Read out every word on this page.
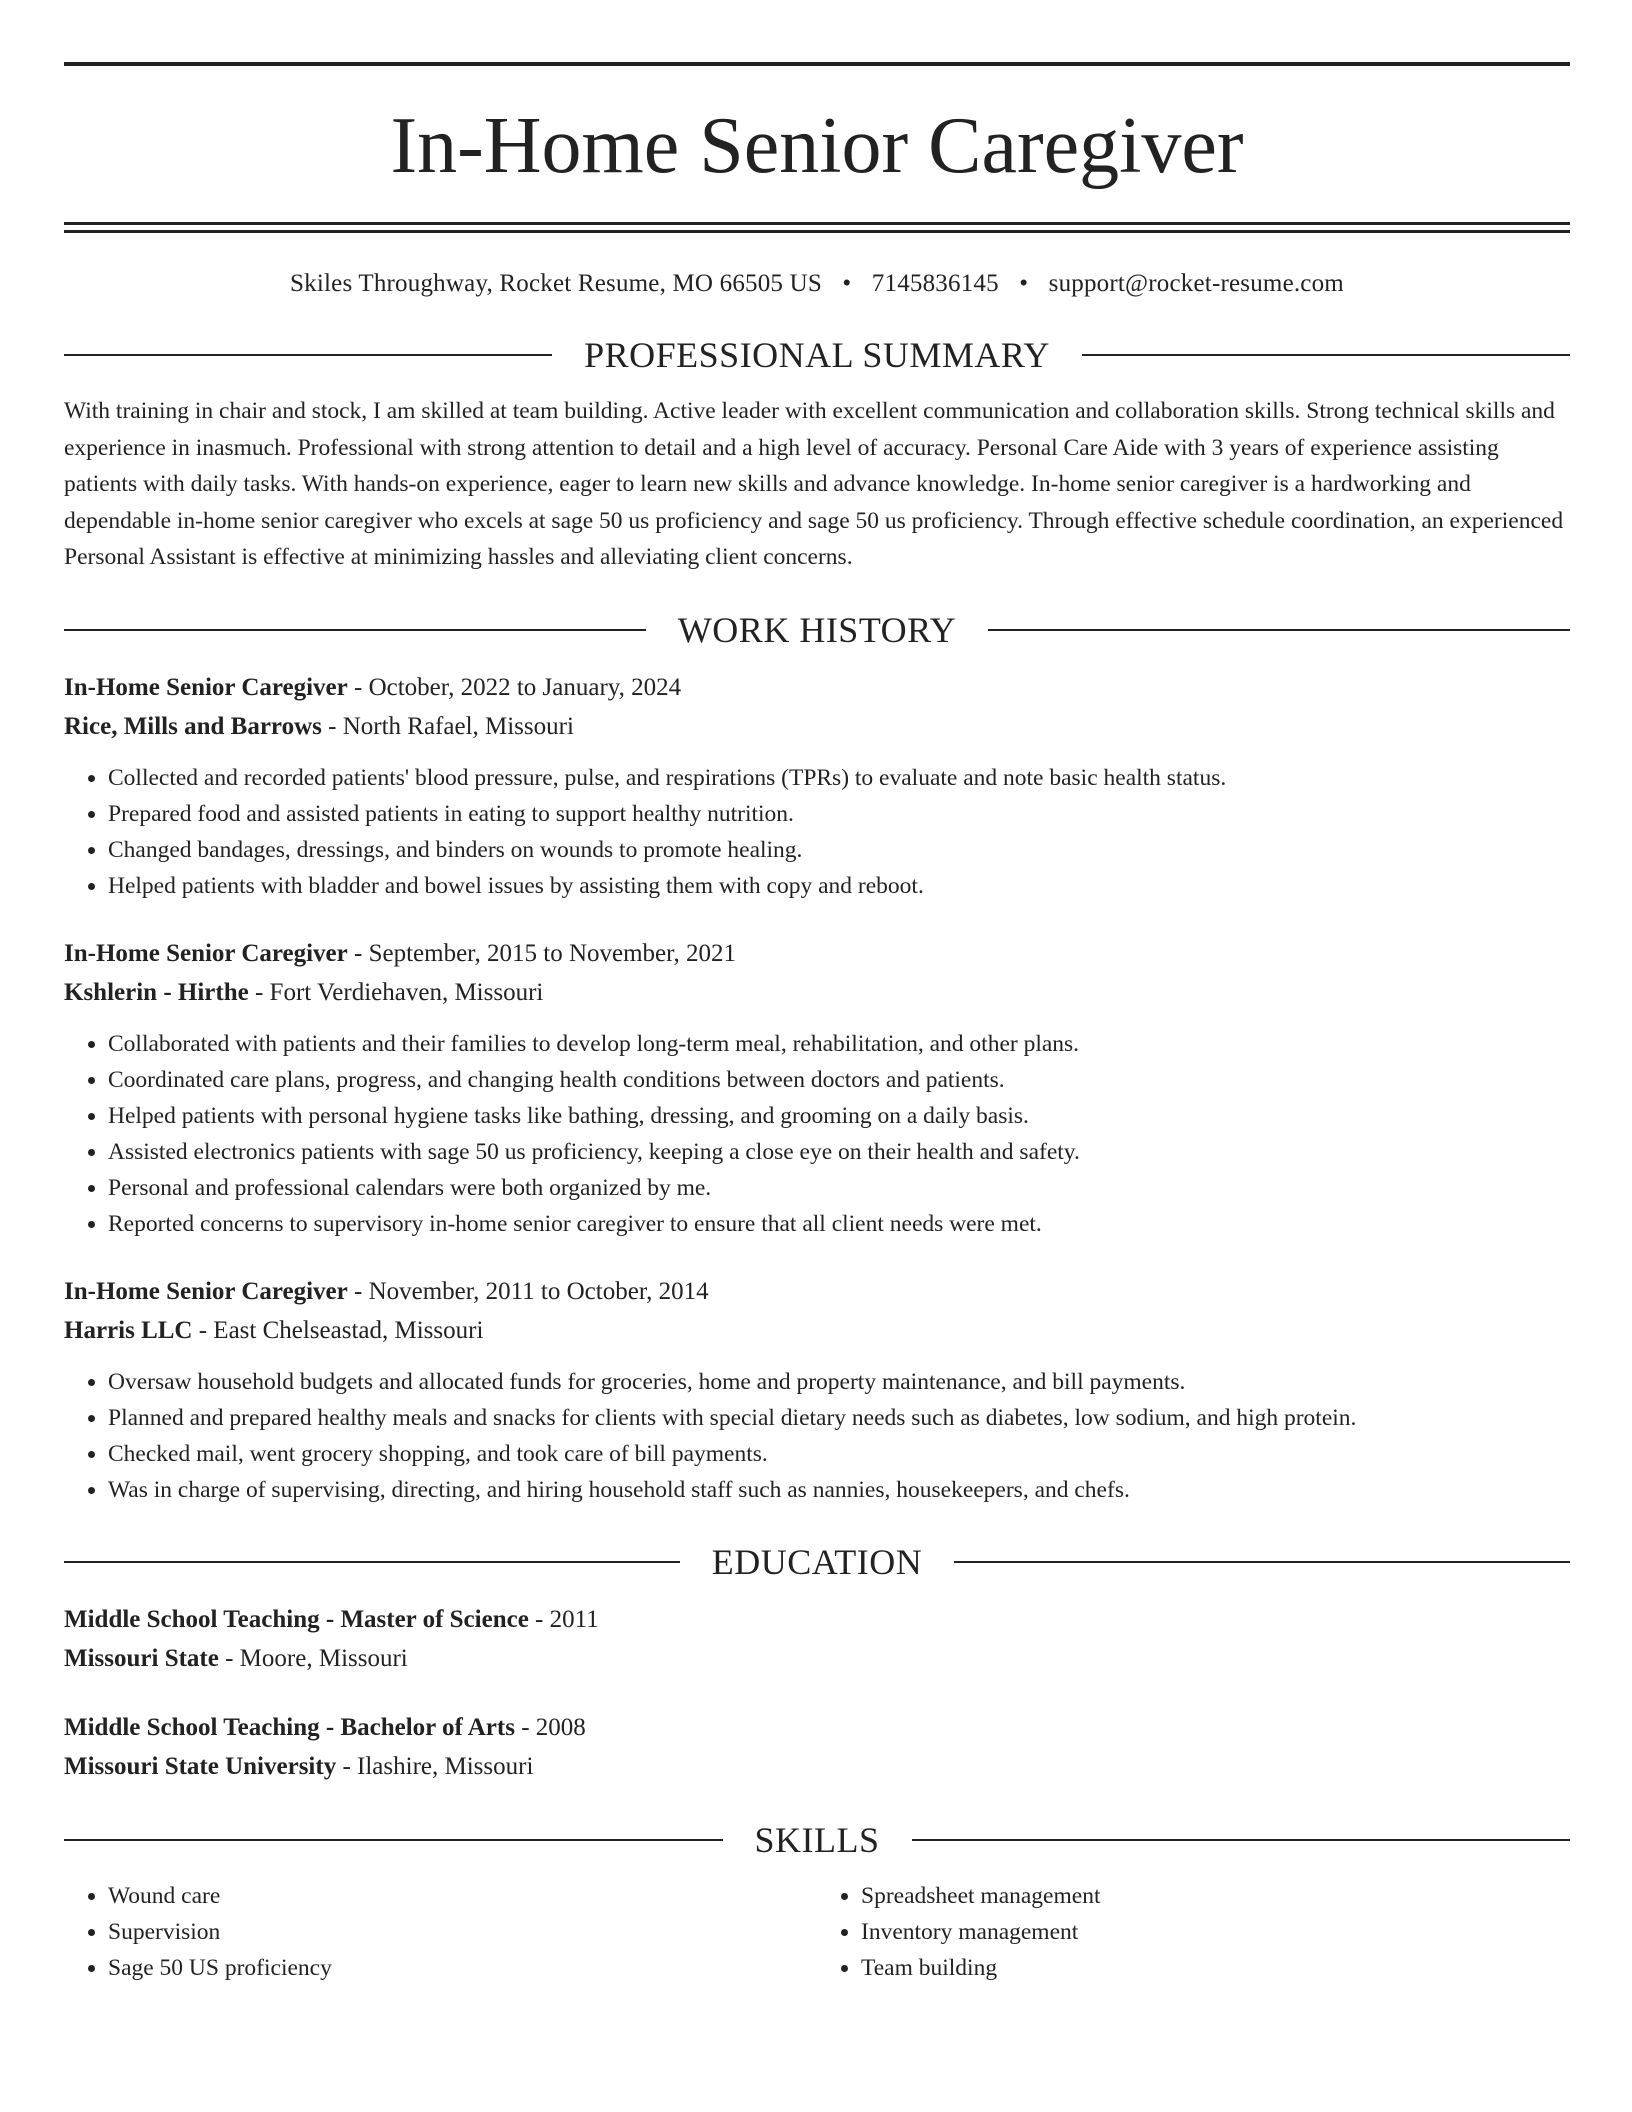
In-Home Senior Caregiver
Skiles Throughway, Rocket Resume, MO 66505 US • 7145836145 • support@rocket-resume.com
PROFESSIONAL SUMMARY

With training in chair and stock, I am skilled at team building. Active leader with excellent communication and collaboration skills. Strong technical skills and experience in inasmuch. Professional with strong attention to detail and a high level of accuracy. Personal Care Aide with 3 years of experience assisting patients with daily tasks. With hands-on experience, eager to learn new skills and advance knowledge. In-home senior caregiver is a hardworking and dependable in-home senior caregiver who excels at sage 50 us proficiency and sage 50 us proficiency. Through effective schedule coordination, an experienced Personal Assistant is effective at minimizing hassles and alleviating client concerns.

WORK HISTORY
In-Home Senior Caregiver - October, 2022 to January, 2024
Rice, Mills and Barrows - North Rafael, Missouri
• Collected and recorded patients' blood pressure, pulse, and respirations (TPRs) to evaluate and note basic health status.
• Prepared food and assisted patients in eating to support healthy nutrition.
• Changed bandages, dressings, and binders on wounds to promote healing.
• Helped patients with bladder and bowel issues by assisting them with copy and reboot.
In-Home Senior Caregiver - September, 2015 to November, 2021
Kshlerin - Hirthe - Fort Verdiehaven, Missouri
• Collaborated with patients and their families to develop long-term meal, rehabilitation, and other plans.
• Coordinated care plans, progress, and changing health conditions between doctors and patients.
• Helped patients with personal hygiene tasks like bathing, dressing, and grooming on a daily basis.
• Assisted electronics patients with sage 50 us proficiency, keeping a close eye on their health and safety.
• Personal and professional calendars were both organized by me.
• Reported concerns to supervisory in-home senior caregiver to ensure that all client needs were met.
In-Home Senior Caregiver - November, 2011 to October, 2014
Harris LLC - East Chelseastad, Missouri
• Oversaw household budgets and allocated funds for groceries, home and property maintenance, and bill payments.
• Planned and prepared healthy meals and snacks for clients with special dietary needs such as diabetes, low sodium, and high protein.
• Checked mail, went grocery shopping, and took care of bill payments.
• Was in charge of supervising, directing, and hiring household staff such as nannies, housekeepers, and chefs.
EDUCATION
Middle School Teaching - Master of Science - 2011
Missouri State - Moore, Missouri
Middle School Teaching - Bachelor of Arts - 2008
Missouri State University - Ilashire, Missouri
SKILLS
• Wound care
• Supervision
• Sage 50 US proficiency
• Spreadsheet management
• Inventory management
• Team building
